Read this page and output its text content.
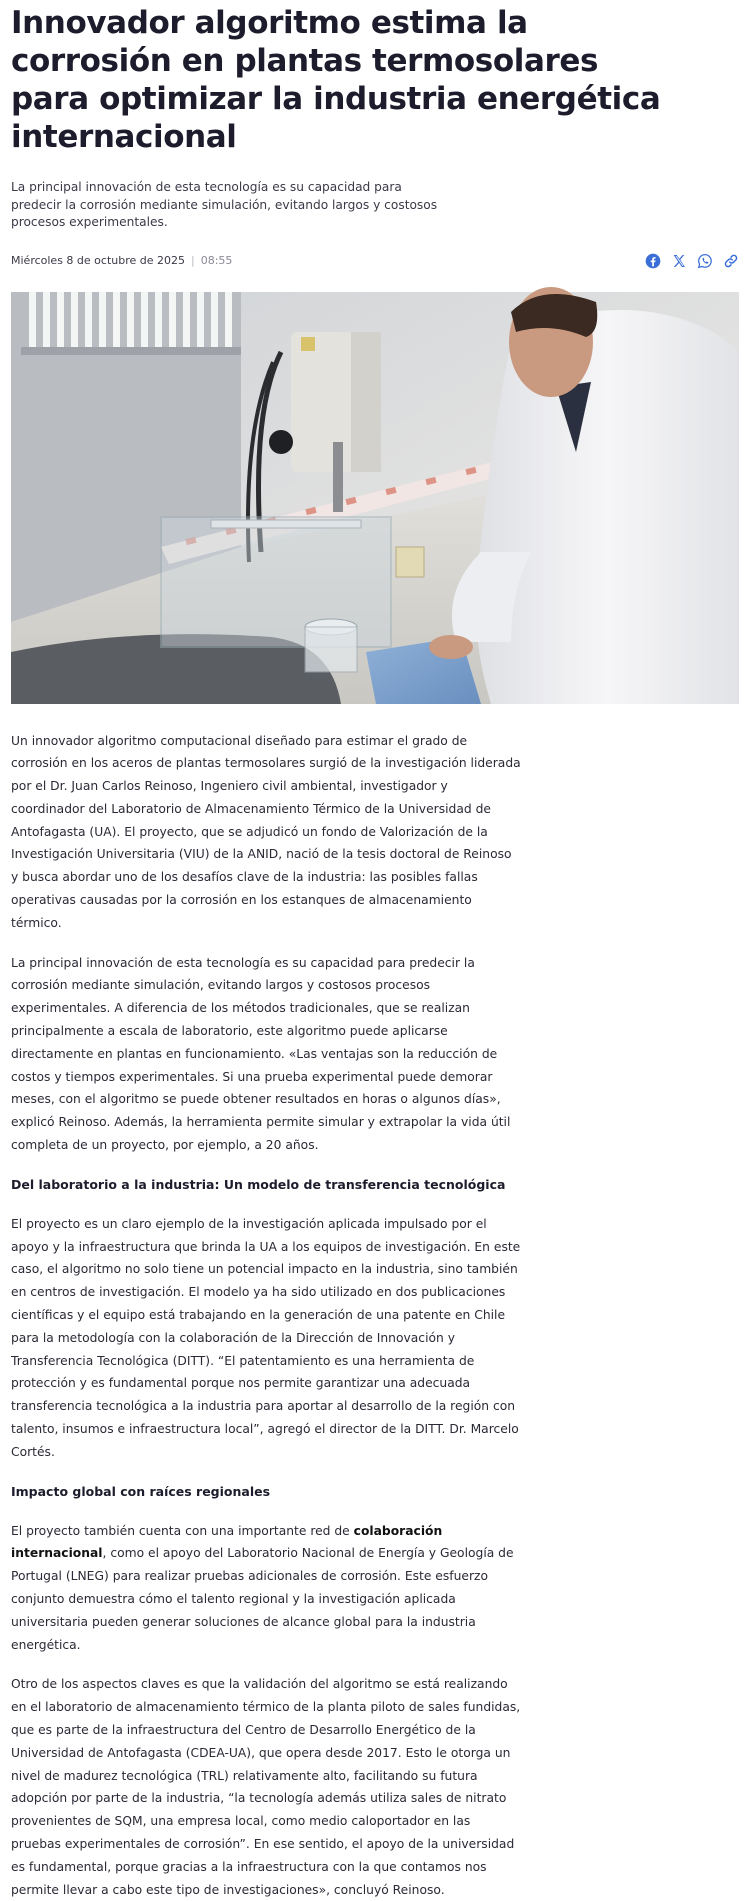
Innovador algoritmo estima la corrosión en plantas termosolares para optimizar la industria energética internacional

La principal innovación de esta tecnología es su capacidad para predecir la corrosión mediante simulación, evitando largos y costosos procesos experimentales.

Miércoles 8 de octubre de 2025 | 08:55

Un innovador algoritmo computacional diseñado para estimar el grado de corrosión en los aceros de plantas termosolares surgió de la investigación liderada por el Dr. Juan Carlos Reinoso, Ingeniero civil ambiental, investigador y coordinador del Laboratorio de Almacenamiento Térmico de la Universidad de Antofagasta (UA). El proyecto, que se adjudicó un fondo de Valorización de la Investigación Universitaria (VIU) de la ANID, nació de la tesis doctoral de Reinoso y busca abordar uno de los desafíos clave de la industria: las posibles fallas operativas causadas por la corrosión en los estanques de almacenamiento térmico.

La principal innovación de esta tecnología es su capacidad para predecir la corrosión mediante simulación, evitando largos y costosos procesos experimentales. A diferencia de los métodos tradicionales, que se realizan principalmente a escala de laboratorio, este algoritmo puede aplicarse directamente en plantas en funcionamiento. «Las ventajas son la reducción de costos y tiempos experimentales. Si una prueba experimental puede demorar meses, con el algoritmo se puede obtener resultados en horas o algunos días», explicó Reinoso. Además, la herramienta permite simular y extrapolar la vida útil completa de un proyecto, por ejemplo, a 20 años.

Del laboratorio a la industria: Un modelo de transferencia tecnológica

El proyecto es un claro ejemplo de la investigación aplicada impulsado por el apoyo y la infraestructura que brinda la UA a los equipos de investigación. En este caso, el algoritmo no solo tiene un potencial impacto en la industria, sino también en centros de investigación. El modelo ya ha sido utilizado en dos publicaciones científicas y el equipo está trabajando en la generación de una patente en Chile para la metodología con la colaboración de la Dirección de Innovación y Transferencia Tecnológica (DITT). “El patentamiento es una herramienta de protección y es fundamental porque nos permite garantizar una adecuada transferencia tecnológica a la industria para aportar al desarrollo de la región con talento, insumos e infraestructura local”, agregó el director de la DITT. Dr. Marcelo Cortés.

Impacto global con raíces regionales

El proyecto también cuenta con una importante red de colaboración internacional, como el apoyo del Laboratorio Nacional de Energía y Geología de Portugal (LNEG) para realizar pruebas adicionales de corrosión. Este esfuerzo conjunto demuestra cómo el talento regional y la investigación aplicada universitaria pueden generar soluciones de alcance global para la industria energética.

Otro de los aspectos claves es que la validación del algoritmo se está realizando en el laboratorio de almacenamiento térmico de la planta piloto de sales fundidas, que es parte de la infraestructura del Centro de Desarrollo Energético de la Universidad de Antofagasta (CDEA-UA), que opera desde 2017. Esto le otorga un nivel de madurez tecnológica (TRL) relativamente alto, facilitando su futura adopción por parte de la industria, “la tecnología además utiliza sales de nitrato provenientes de SQM, una empresa local, como medio caloportador en las pruebas experimentales de corrosión”. En ese sentido, el apoyo de la universidad es fundamental, porque gracias a la infraestructura con la que contamos nos permite llevar a cabo este tipo de investigaciones», concluyó Reinoso.
